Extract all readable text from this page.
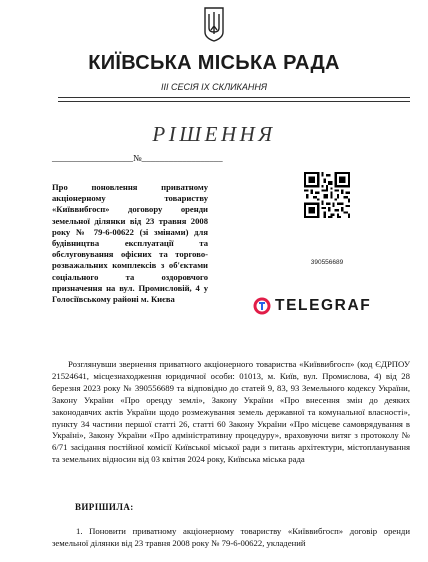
КИЇВСЬКА МІСЬКА РАДА
ІІІ СЕСІЯ ІХ СКЛИКАННЯ
РІШЕННЯ
__________________№__________________
Про поновлення приватному акціонерному товариству «Київвибгосп» договору оренди земельної ділянки від 23 травня 2008 року № 79-6-00622 (зі змінами) для будівництва експлуатації та обслуговування офісних та торгово-розважальних комплексів з об'єктами соціального та оздоровчого призначення на вул. Промисловій, 4 у Голосіївському районі м. Києва
390556689
TELEGRAF
Розглянувши звернення приватного акціонерного товариства «Київвибгосп» (код ЄДРПОУ 21524641, місцезнаходження юридичної особи: 01013, м. Київ, вул. Промислова, 4) від 28 березня 2023 року № 390556689 та відповідно до статей 9, 83, 93 Земельного кодексу України, Закону України «Про оренду землі», Закону України «Про внесення змін до деяких законодавчих актів України щодо розмежування земель державної та комунальної власності», пункту 34 частини першої статті 26, статті 60 Закону України «Про місцеве самоврядування в Україні», Закону України «Про адміністративну процедуру», враховуючи витяг з протоколу № 6/71 засідання постійної комісії Київської міської ради з питань архітектури, містопланування та земельних відносин від 03 квітня 2024 року, Київська міська рада
ВИРІШИЛА:
1. Поновити приватному акціонерному товариству «Київвибгосп» договір оренди земельної ділянки від 23 травня 2008 року № 79-6-00622, укладений
